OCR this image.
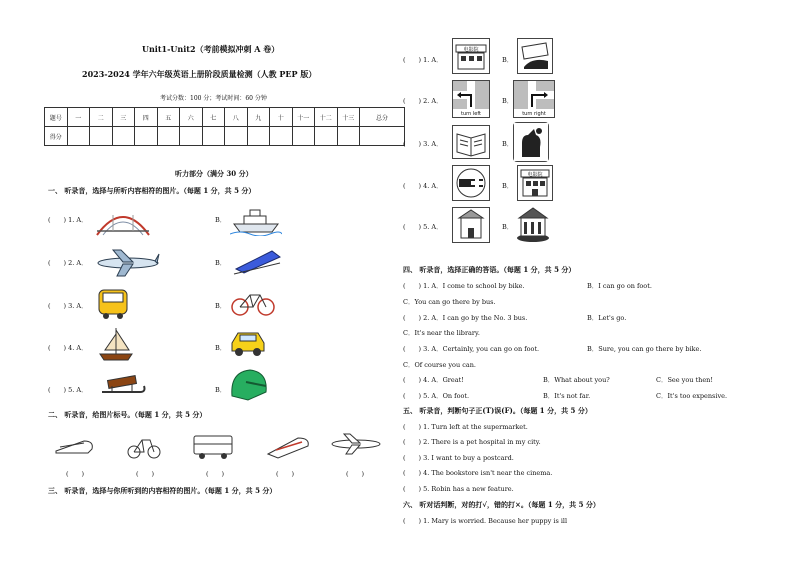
Unit1-Unit2（考前模拟冲刺 A 卷）
2023-2024 学年六年级英语上册阶段质量检测（人教 PEP 版）
考试分数：100 分；考试时间：60 分钟
题号	一	二	三	四	五	六	七	八	九	十	十一	十二	十三	总分
得分														
听力部分（满分 30 分）
一、 听录音，选择与所听内容相符的图片。（每题 1 分，共 5 分）
(　　) 1. A．	B．
(　　) 2. A．	B．
(　　) 3. A．	B．
(　　) 4. A．	B．
(　　) 5. A．	B．
二、 听录音，给图片标号。（每题 1 分，共 5 分）
(　　)	(　　)	(　　)	(　　)	(　　)
三、 听录音，选择与你所听到的内容相符的图片。（每题 1 分，共 5 分）
(　　) 1. A．
电影院
B．
(　　) 2. A．
turn left
B．
turn right
(　　) 3. A．	B．
(　　) 4. A．	B．
电影院
(　　) 5. A．	B．
四、 听录音，选择正确的答语。（每题 1 分，共 5 分）
(　　) 1. A．I come to school by bike.	B．I can go on foot.
C．You can go there by bus.
(　　) 2. A．I can go by the No. 3 bus.	B．Let's go.
C．It's near the library.
(　　) 3. A．Certainly, you can go on foot.	B．Sure, you can go there by bike.
C．Of course you can.
(　　) 4. A．Great!	B．What about you?	C．See you then!
(　　) 5. A．On foot.	B．It's not far.	C．It's too expensive.
五、 听录音，判断句子正(T)误(F)。（每题 1 分，共 5 分）
(　　) 1. Turn left at the supermarket.
(　　) 2. There is a pet hospital in my city.
(　　) 3. I want to buy a postcard.
(　　) 4. The bookstore isn't near the cinema.
(　　) 5. Robin has a new feature.
六、 听对话判断，对的打√，错的打×。（每题 1 分，共 5 分）
(　　) 1. Mary is worried. Because her puppy is ill
